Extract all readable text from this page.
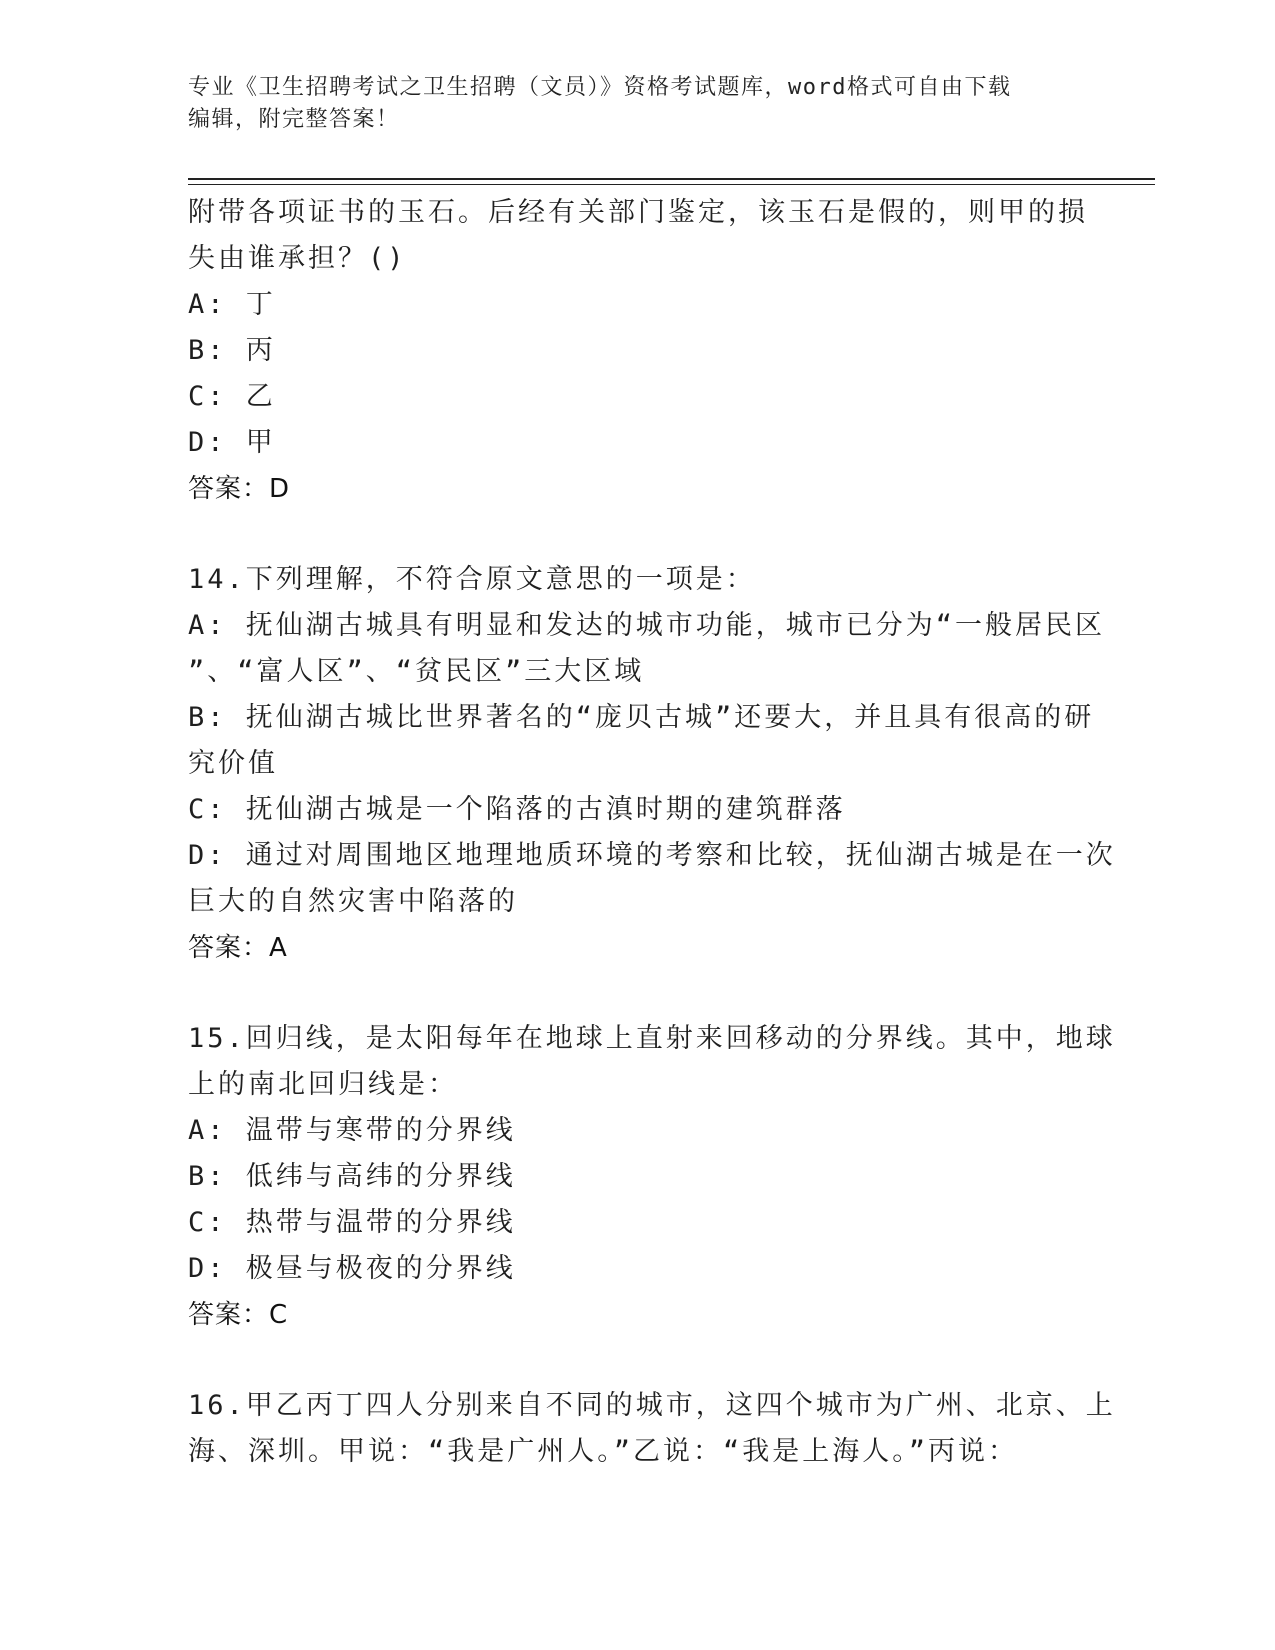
专业《卫生招聘考试之卫生招聘（文员）》资格考试题库，word格式可自由下载
编辑，附完整答案！
附带各项证书的玉石。后经有关部门鉴定，该玉石是假的，则甲的损
失由谁承担？()
A: 丁
B: 丙
C: 乙
D: 甲
答案：D
14.下列理解，不符合原文意思的一项是：
A: 抚仙湖古城具有明显和发达的城市功能，城市已分为“一般居民区
”、“富人区”、“贫民区”三大区域
B: 抚仙湖古城比世界著名的“庞贝古城”还要大，并且具有很高的研
究价值
C: 抚仙湖古城是一个陷落的古滇时期的建筑群落
D: 通过对周围地区地理地质环境的考察和比较，抚仙湖古城是在一次
巨大的自然灾害中陷落的
答案：A
15.回归线，是太阳每年在地球上直射来回移动的分界线。其中，地球
上的南北回归线是：
A: 温带与寒带的分界线
B: 低纬与高纬的分界线
C: 热带与温带的分界线
D: 极昼与极夜的分界线
答案：C
16.甲乙丙丁四人分别来自不同的城市，这四个城市为广州、北京、上
海、深圳。甲说：“我是广州人。”乙说：“我是上海人。”丙说：
